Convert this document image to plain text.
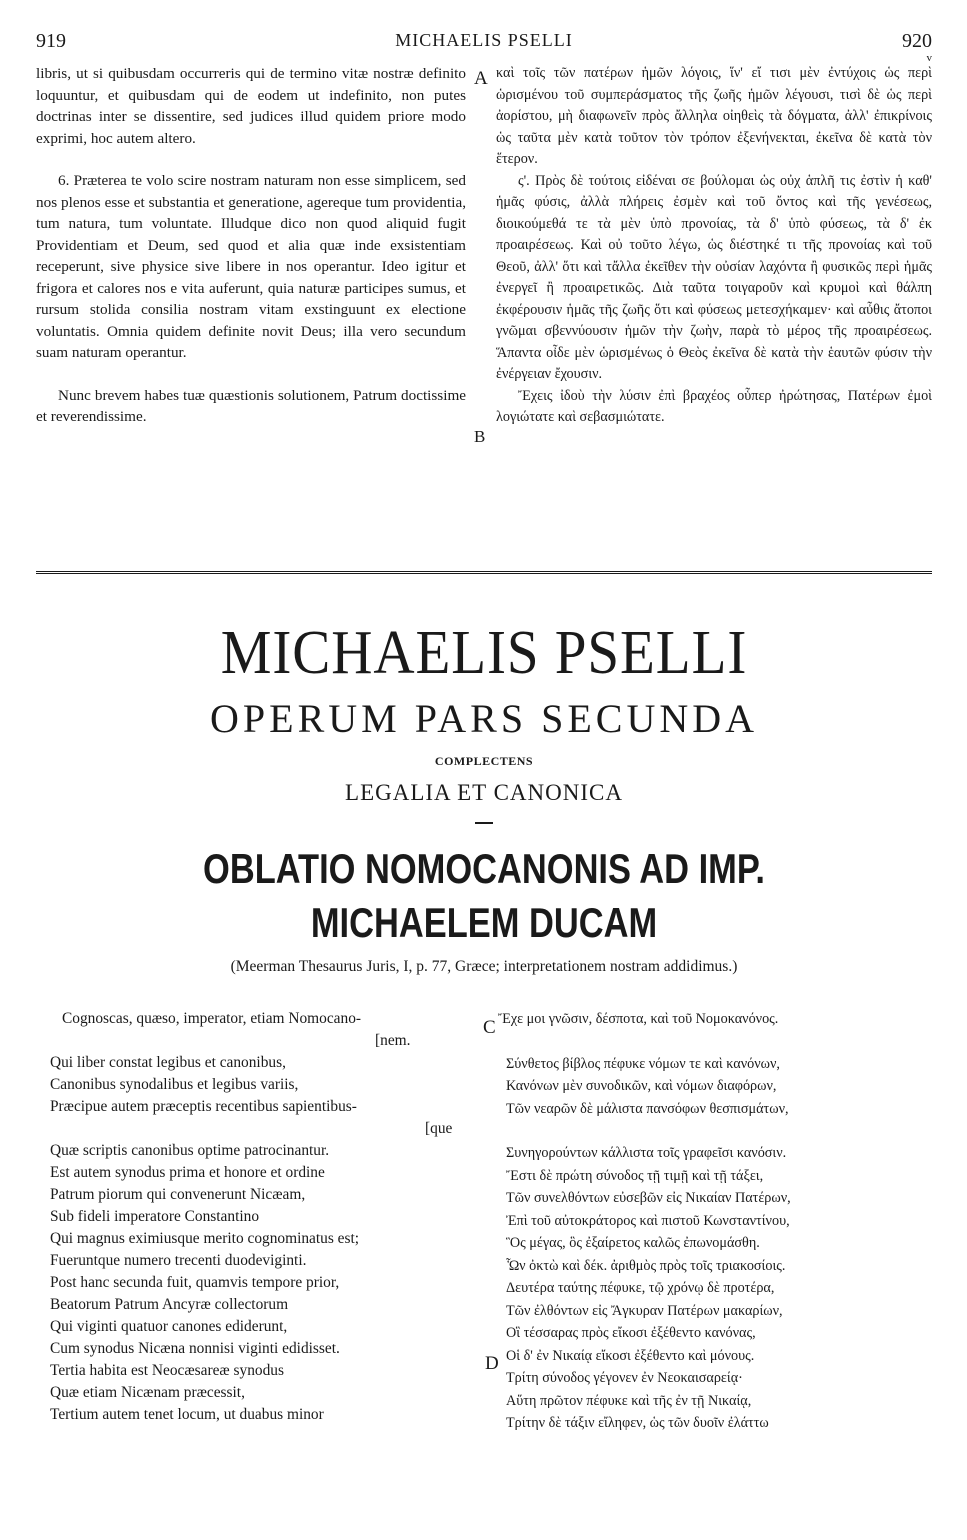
919	MICHAELIS PSELLI	920
v

libris, ut si quibusdam occurreris qui de termino vitæ nostræ definito loquuntur, et quibusdam qui de eodem ut indefinito, non putes doctrinas inter se dissentire, sed judices illud quidem priore modo exprimi, hoc autem altero.

6. Præterea te volo scire nostram naturam non esse simplicem, sed nos plenos esse et substantia et generatione, agereque tum providentia, tum natura, tum voluntate. Illudque dico non quod aliquid fugit Providentiam et Deum, sed quod et alia quæ inde exsistentiam receperunt, sive physice sive libere in nos operantur. Ideo igitur et frigora et calores nos e vita auferunt, quia naturæ participes sumus, et rursum stolida consilia nostram vitam exstinguunt ex electione voluntatis. Omnia quidem definite novit Deus; illa vero secundum suam naturam operantur.

Nunc brevem habes tuæ quæstionis solutionem, Patrum doctissime et reverendissime.

A
B

καὶ τοῖς τῶν πατέρων ἡμῶν λόγοις, ἵν' εἴ τισι μὲν ἐντύχοις ὡς περὶ ὡρισμένου τοῦ συμπεράσματος τῆς ζωῆς ἡμῶν λέγουσι, τισὶ δὲ ὡς περὶ ἀορίστου, μὴ διαφωνεῖν πρὸς ἄλληλα οἰηθεὶς τὰ δόγματα, ἀλλ' ἐπικρίνοις ὡς ταῦτα μὲν κατὰ τοῦτον τὸν τρόπον ἐξενήνεκται, ἐκεῖνα δὲ κατὰ τὸν ἕτερον.

ς'. Πρὸς δὲ τούτοις εἰδέναι σε βούλομαι ὡς οὐχ ἁπλῆ τις ἐστὶν ἡ καθ' ἡμᾶς φύσις, ἀλλὰ πλήρεις ἐσμὲν καὶ τοῦ ὄντος καὶ τῆς γενέσεως, διοικούμεθά τε τὰ μὲν ὑπὸ προνοίας, τὰ δ' ὑπὸ φύσεως, τὰ δ' ἐκ προαιρέσεως. Καὶ οὐ τοῦτο λέγω, ὡς διέστηκέ τι τῆς προνοίας καὶ τοῦ Θεοῦ, ἀλλ' ὅτι καὶ τἄλλα ἐκεῖθεν τὴν οὐσίαν λαχόντα ἢ φυσικῶς περὶ ἡμᾶς ἐνεργεῖ ἢ προαιρετικῶς. Διὰ ταῦτα τοιγαροῦν καὶ κρυμοὶ καὶ θάλπη ἐκφέρουσιν ἡμᾶς τῆς ζωῆς ὅτι καὶ φύσεως μετεσχήκαμεν· καὶ αὖθις ἄτοποι γνῶμαι σβεννύουσιν ἡμῶν τὴν ζωὴν, παρὰ τὸ μέρος τῆς προαιρέσεως. Ἅπαντα οἶδε μὲν ὡρισμένως ὁ Θεὸς ἐκεῖνα δὲ κατὰ τὴν ἑαυτῶν φύσιν τὴν ἐνέργειαν ἔχουσιν.

Ἔχεις ἰδοὺ τὴν λύσιν ἐπὶ βραχέος οὗπερ ἠρώτησας, Πατέρων ἐμοὶ λογιώτατε καὶ σεβασμιώτατε.

MICHAELIS PSELLI
OPERUM PARS SECUNDA
COMPLECTENS
LEGALIA ET CANONICA
OBLATIO NOMOCANONIS AD IMP. MICHAELEM DUCAM
(Meerman Thesaurus Juris, I, p. 77, Græce; interpretationem nostram addidimus.)
C
D
Cognoscas, quæso, imperator, etiam Nomocano-
[nem.
Qui liber constat legibus et canonibus,
Canonibus synodalibus et legibus variis,
Præcipue autem præceptis recentibus sapientibus-
[que
Quæ scriptis canonibus optime patrocinantur.
Est autem synodus prima et honore et ordine
Patrum piorum qui convenerunt Nicæam,
Sub fideli imperatore Constantino
Qui magnus eximiusque merito cognominatus est;
Fueruntque numero trecenti duodeviginti.
Post hanc secunda fuit, quamvis tempore prior,
Beatorum Patrum Ancyræ collectorum
Qui viginti quatuor canones ediderunt,
Cum synodus Nicæna nonnisi viginti edidisset.
Tertia habita est Neocæsareæ synodus
Quæ etiam Nicænam præcessit,
Tertium autem tenet locum, ut duabus minor
Ἔχε μοι γνῶσιν, δέσποτα, καὶ τοῦ Νομοκανόνος.
Σύνθετος βίβλος πέφυκε νόμων τε καὶ κανόνων,
Κανόνων μὲν συνοδικῶν, καὶ νόμων διαφόρων,
Τῶν νεαρῶν δὲ μάλιστα πανσόφων θεσπισμάτων,
Συνηγορούντων κάλλιστα τοῖς γραφεῖσι κανόσιν.
Ἔστι δὲ πρώτη σύνοδος τῇ τιμῇ καὶ τῇ τάξει,
Τῶν συνελθόντων εὐσεβῶν εἰς Νικαίαν Πατέρων,
Ἐπὶ τοῦ αὐτοκράτορος καὶ πιστοῦ Κωνσταντίνου,
Ὃς μέγας, ὃς ἐξαίρετος καλῶς ἐπωνομάσθη.
Ὧν ὀκτὼ καὶ δέκ. ἀριθμὸς πρὸς τοῖς τριακοσίοις.
Δευτέρα ταύτης πέφυκε, τῷ χρόνῳ δὲ προτέρα,
Τῶν ἐλθόντων εἰς Ἄγκυραν Πατέρων μακαρίων,
Οἳ τέσσαρας πρὸς εἴκοσι ἐξέθεντο κανόνας,
Οἱ δ' ἐν Νικαίᾳ εἴκοσι ἐξέθεντο καὶ μόνους.
Τρίτη σύνοδος γέγονεν ἐν Νεοκαισαρείᾳ·
Αὕτη πρῶτον πέφυκε καὶ τῆς ἐν τῇ Νικαίᾳ,
Τρίτην δὲ τάξιν εἴληφεν, ὡς τῶν δυοῖν ἐλάττω
